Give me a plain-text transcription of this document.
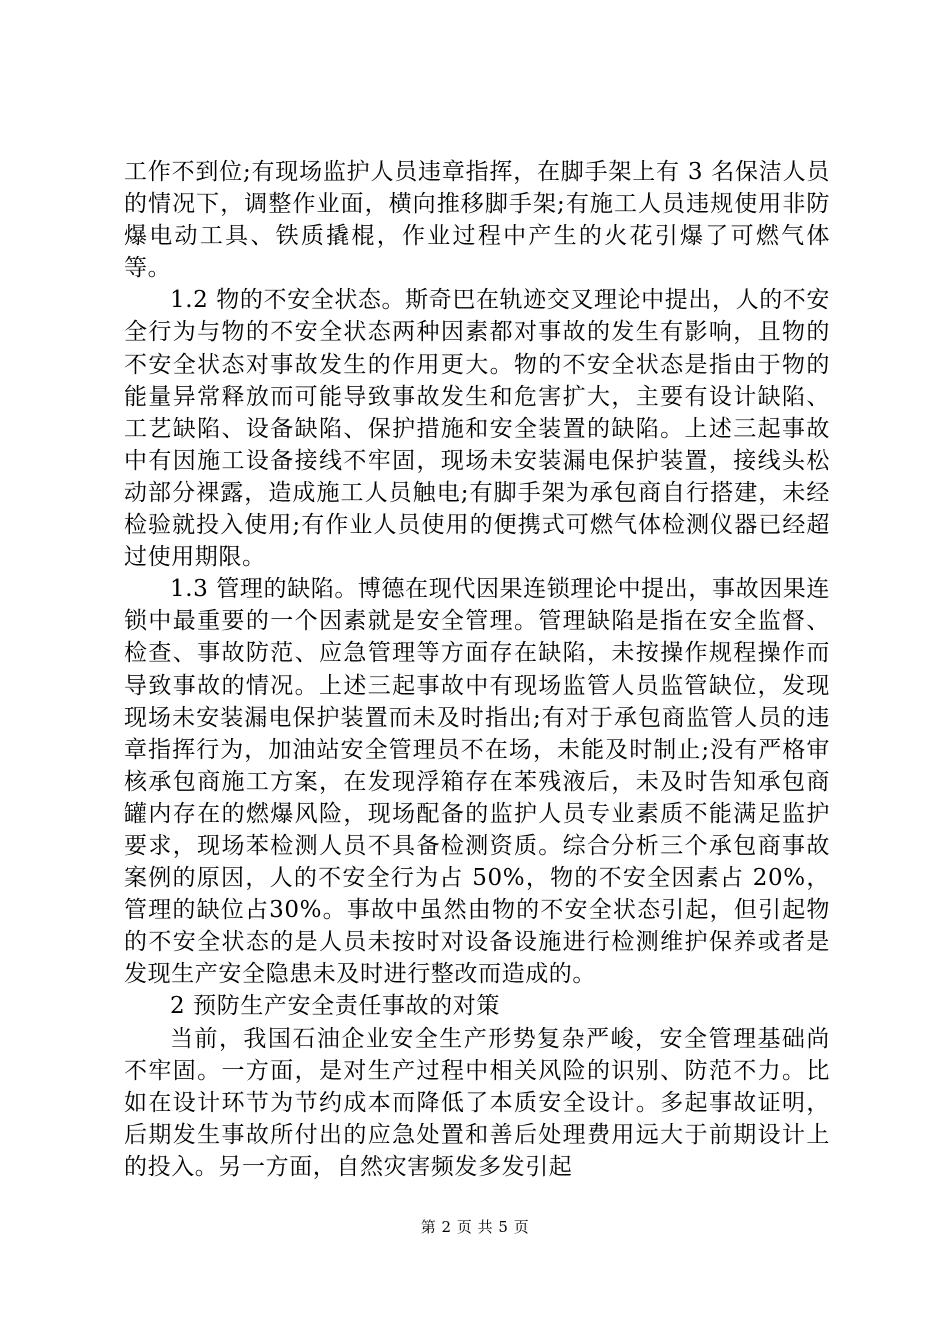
工作不到位;有现场监护人员违章指挥，在脚手架上有 3 名保洁人员的情况下，调整作业面，横向推移脚手架;有施工人员违规使用非防爆电动工具、铁质撬棍，作业过程中产生的火花引爆了可燃气体等。

1.2 物的不安全状态。斯奇巴在轨迹交叉理论中提出，人的不安全行为与物的不安全状态两种因素都对事故的发生有影响，且物的不安全状态对事故发生的作用更大。物的不安全状态是指由于物的能量异常释放而可能导致事故发生和危害扩大，主要有设计缺陷、工艺缺陷、设备缺陷、保护措施和安全装置的缺陷。上述三起事故中有因施工设备接线不牢固，现场未安装漏电保护装置，接线头松动部分裸露，造成施工人员触电;有脚手架为承包商自行搭建，未经检验就投入使用;有作业人员使用的便携式可燃气体检测仪器已经超过使用期限。

1.3 管理的缺陷。博德在现代因果连锁理论中提出，事故因果连锁中最重要的一个因素就是安全管理。管理缺陷是指在安全监督、检查、事故防范、应急管理等方面存在缺陷，未按操作规程操作而导致事故的情况。上述三起事故中有现场监管人员监管缺位，发现现场未安装漏电保护装置而未及时指出;有对于承包商监管人员的违章指挥行为，加油站安全管理员不在场，未能及时制止;没有严格审核承包商施工方案，在发现浮箱存在苯残液后，未及时告知承包商罐内存在的燃爆风险，现场配备的监护人员专业素质不能满足监护要求，现场苯检测人员不具备检测资质。综合分析三个承包商事故案例的原因，人的不安全行为占 50%，物的不安全因素占 20%，管理的缺位占30%。事故中虽然由物的不安全状态引起，但引起物的不安全状态的是人员未按时对设备设施进行检测维护保养或者是发现生产安全隐患未及时进行整改而造成的。

2 预防生产安全责任事故的对策

当前，我国石油企业安全生产形势复杂严峻，安全管理基础尚不牢固。一方面，是对生产过程中相关风险的识别、防范不力。比如在设计环节为节约成本而降低了本质安全设计。多起事故证明，后期发生事故所付出的应急处置和善后处理费用远大于前期设计上的投入。另一方面，自然灾害频发多发引起

第 2 页 共 5 页
